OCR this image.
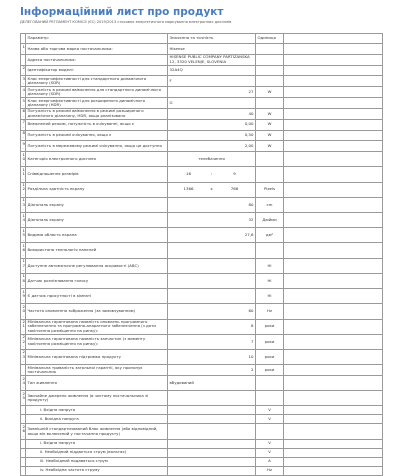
Інформаційний лист про продукт
ДЕЛЕГОВАНИЙ РЕГЛАМЕНТ КОМІСІЇ (ЄС) 2019/2013 стосовно енергетичного маркування електронних дисплеїв
	Параметр:	Значення та точність	Одиниця	
1.	Назва або торгова марка постачальника:	Hisense		
	Адреса постачальника:	HISENSE PUBLIC COMPANY PARTIZANSKA 12, 3320 VELENJE, SLOVENIA		
2.	Ідентифікатор моделі:	32A4Q		
3.	Клас енергоефективності для стандартного динамічного діапазону (SDR)	F		
4.	Потужність в режимі ввімкнення для стандартного динамічного діапазону (SDR)	27	W	
5.	Клас енергоефективності для розширеного динамічного діапазону (HDR)	G		
6.	Потужність в режимі ввімкнення в режимі розширеного динамічного діапазону, HDR, якщо реалізовано	40	W	
7.	Вимкнений режим, потужність в очікуванні, якщо є	0,00	W	
8.	Потужність в режимі очікування, якщо є	0,50	W	
9.	Потужність в мережевому режимі очікування, якщо це доступно	2,00	W	
10.	Категорія електронного дисплея	телебачення		
11.	Співвідношення розмірів	16 : 9		

12.	Роздільна здатність екрану	1366 x 768	Pixels	
13.	Діагональ екрану	80	cm	
14.	Діагональ екрану	32	Дюйми	
15.	Видима область екрана	27,6	дм²	
16.	Використана технологія панелей			
17.	Доступне автоматичне регулювання яскравості (АВС)		Ні	
18.	Датчик розпізнавання голосу		Ні	
19.	Є датчик присутності в кімнаті		Ні	
20.	Частота оновлення зображення (за замовчуванням)	60	Hz	
21.	Мінімальна гарантована наявність оновлень програмного забезпечення та програмно-апаратного забезпечення (з дати закінчення розміщення на ринку):	8	роки	
22.	Мінімальна гарантована наявність запчастин (з моменту закінчення розміщення на ринку):	7	роки	
23.	Мінімальна гарантована підтримка продукту	10	роки	
	Мінімальна тривалість загальної гарантії, яку пропонує постачальник	2	роки	
24.	Тип живлення	вбудований		
25.	Звичайне джерело живлення (в чистому постачальника зі продукту)			
	i. Вхідна напруга		V	
	ii. Вихідна напруга		V	
26.	Зовнішній стандартизований блок живлення (або відповідний, якщо він включений у постачання продукту)			
	i. Вхідна напруга		V	
	ii. Необхідний піддається струм (вольтах)		V	
	iii. Необхідний подаваться струм		A	
	iv. Необхідна частота струму		Hz	
